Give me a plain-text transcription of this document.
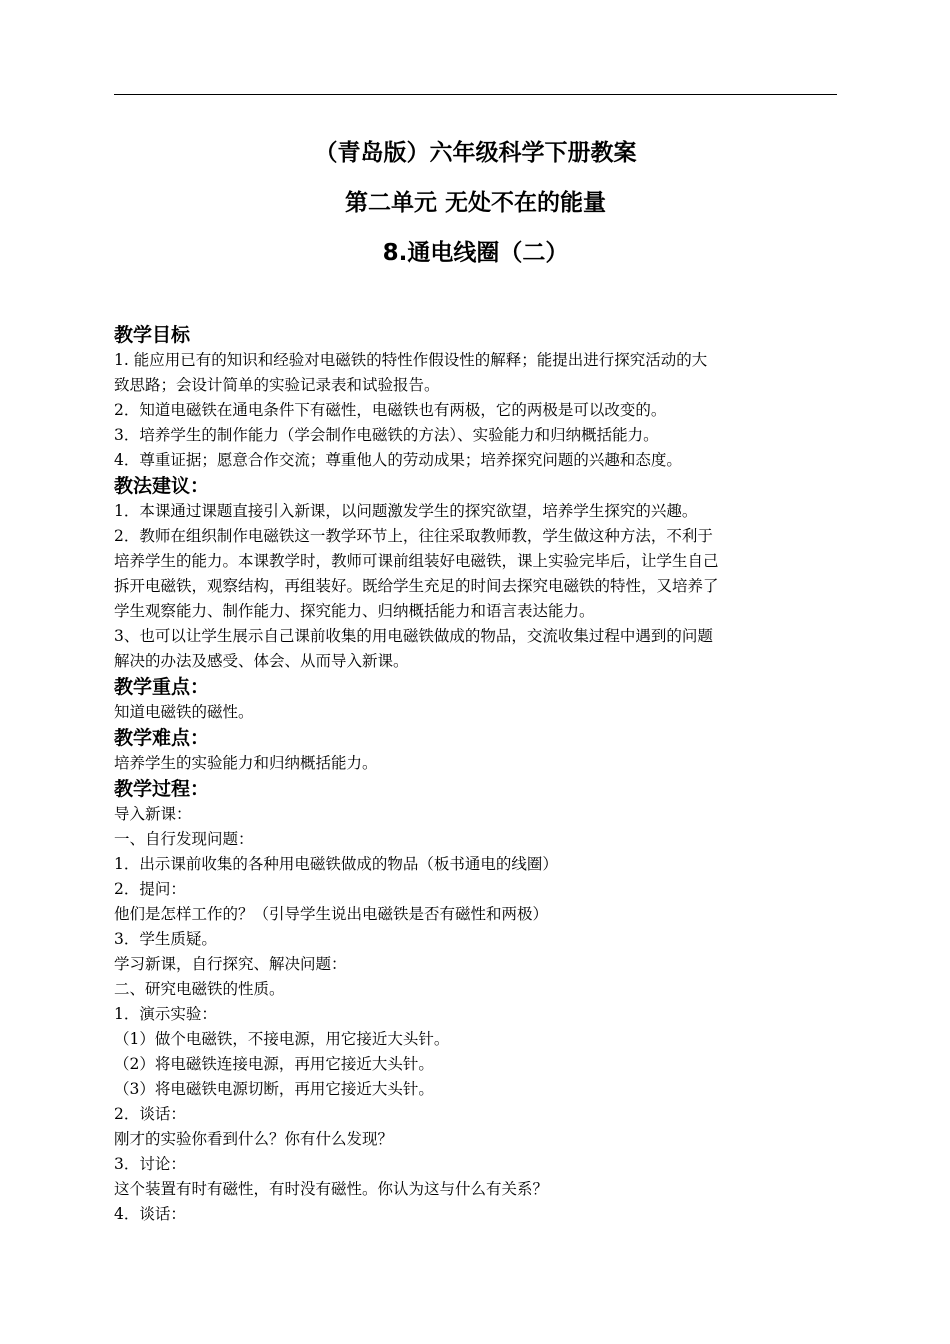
（青岛版）六年级科学下册教案
第二单元 无处不在的能量
8.通电线圈（二）
教学目标
1. 能应用已有的知识和经验对电磁铁的特性作假设性的解释；能提出进行探究活动的大
致思路；会设计简单的实验记录表和试验报告。
2．知道电磁铁在通电条件下有磁性，电磁铁也有两极，它的两极是可以改变的。
3．培养学生的制作能力（学会制作电磁铁的方法）、实验能力和归纳概括能力。
4．尊重证据；愿意合作交流；尊重他人的劳动成果；培养探究问题的兴趣和态度。
教法建议：
1．本课通过课题直接引入新课，以问题激发学生的探究欲望，培养学生探究的兴趣。
2．教师在组织制作电磁铁这一教学环节上，往往采取教师教，学生做这种方法，不利于
培养学生的能力。本课教学时，教师可课前组装好电磁铁，课上实验完毕后，让学生自己
拆开电磁铁，观察结构，再组装好。既给学生充足的时间去探究电磁铁的特性，又培养了
学生观察能力、制作能力、探究能力、归纳概括能力和语言表达能力。
3、也可以让学生展示自己课前收集的用电磁铁做成的物品，交流收集过程中遇到的问题
解决的办法及感受、体会、从而导入新课。
教学重点：
知道电磁铁的磁性。
教学难点：
培养学生的实验能力和归纳概括能力。
教学过程：
导入新课：
一、自行发现问题：
1．出示课前收集的各种用电磁铁做成的物品（板书通电的线圈）
2．提问：
他们是怎样工作的？（引导学生说出电磁铁是否有磁性和两极）
3．学生质疑。
学习新课，自行探究、解决问题：
二、研究电磁铁的性质。
1．演示实验：
（1）做个电磁铁，不接电源，用它接近大头针。
（2）将电磁铁连接电源，再用它接近大头针。
（3）将电磁铁电源切断，再用它接近大头针。
2．谈话：
刚才的实验你看到什么？你有什么发现？
3．讨论：
这个装置有时有磁性，有时没有磁性。你认为这与什么有关系？
4．谈话：
